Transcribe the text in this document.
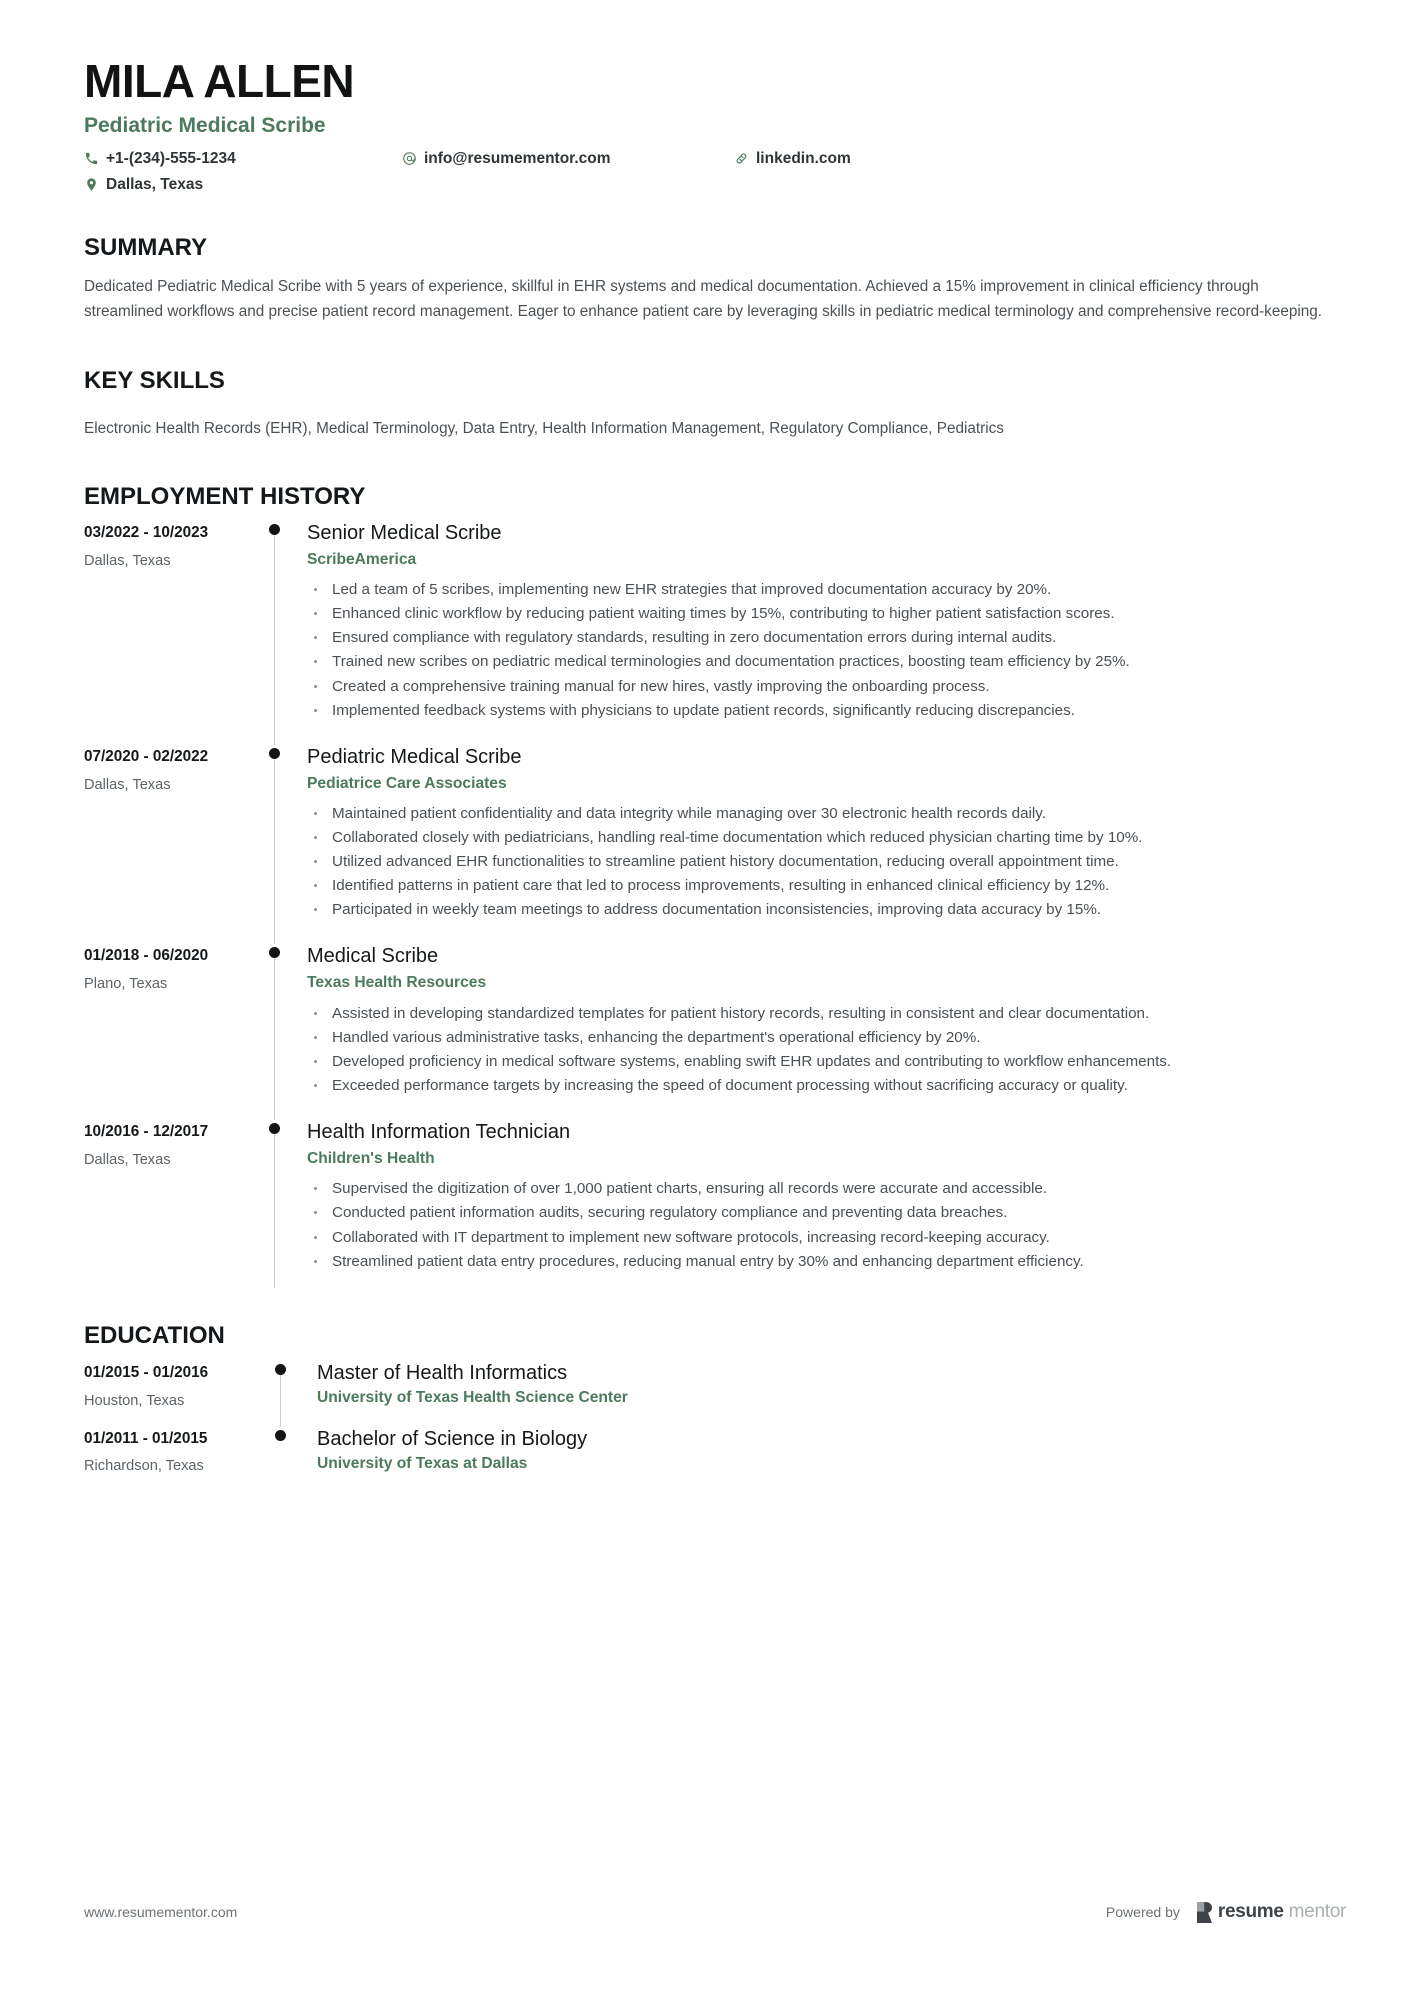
MILA ALLEN
Pediatric Medical Scribe
+1-(234)-555-1234	info@resumementor.com	linkedin.com
Dallas, Texas
SUMMARY

Dedicated Pediatric Medical Scribe with 5 years of experience, skillful in EHR systems and medical documentation. Achieved a 15% improvement in clinical efficiency through streamlined workflows and precise patient record management. Eager to enhance patient care by leveraging skills in pediatric medical terminology and comprehensive record-keeping.

KEY SKILLS

Electronic Health Records (EHR), Medical Terminology, Data Entry, Health Information Management, Regulatory Compliance, Pediatrics

EMPLOYMENT HISTORY
03/2022 - 10/2023
Dallas, Texas
Senior Medical Scribe
ScribeAmerica
Led a team of 5 scribes, implementing new EHR strategies that improved documentation accuracy by 20%.
Enhanced clinic workflow by reducing patient waiting times by 15%, contributing to higher patient satisfaction scores.
Ensured compliance with regulatory standards, resulting in zero documentation errors during internal audits.
Trained new scribes on pediatric medical terminologies and documentation practices, boosting team efficiency by 25%.
Created a comprehensive training manual for new hires, vastly improving the onboarding process.
Implemented feedback systems with physicians to update patient records, significantly reducing discrepancies.
07/2020 - 02/2022
Dallas, Texas
Pediatric Medical Scribe
Pediatrice Care Associates
Maintained patient confidentiality and data integrity while managing over 30 electronic health records daily.
Collaborated closely with pediatricians, handling real-time documentation which reduced physician charting time by 10%.
Utilized advanced EHR functionalities to streamline patient history documentation, reducing overall appointment time.
Identified patterns in patient care that led to process improvements, resulting in enhanced clinical efficiency by 12%.
Participated in weekly team meetings to address documentation inconsistencies, improving data accuracy by 15%.
01/2018 - 06/2020
Plano, Texas
Medical Scribe
Texas Health Resources
Assisted in developing standardized templates for patient history records, resulting in consistent and clear documentation.
Handled various administrative tasks, enhancing the department's operational efficiency by 20%.
Developed proficiency in medical software systems, enabling swift EHR updates and contributing to workflow enhancements.
Exceeded performance targets by increasing the speed of document processing without sacrificing accuracy or quality.
10/2016 - 12/2017
Dallas, Texas
Health Information Technician
Children's Health
Supervised the digitization of over 1,000 patient charts, ensuring all records were accurate and accessible.
Conducted patient information audits, securing regulatory compliance and preventing data breaches.
Collaborated with IT department to implement new software protocols, increasing record-keeping accuracy.
Streamlined patient data entry procedures, reducing manual entry by 30% and enhancing department efficiency.
EDUCATION
01/2015 - 01/2016
Houston, Texas
Master of Health Informatics
University of Texas Health Science Center
01/2011 - 01/2015
Richardson, Texas
Bachelor of Science in Biology
University of Texas at Dallas
www.resumementor.com	Powered by resume mentor
